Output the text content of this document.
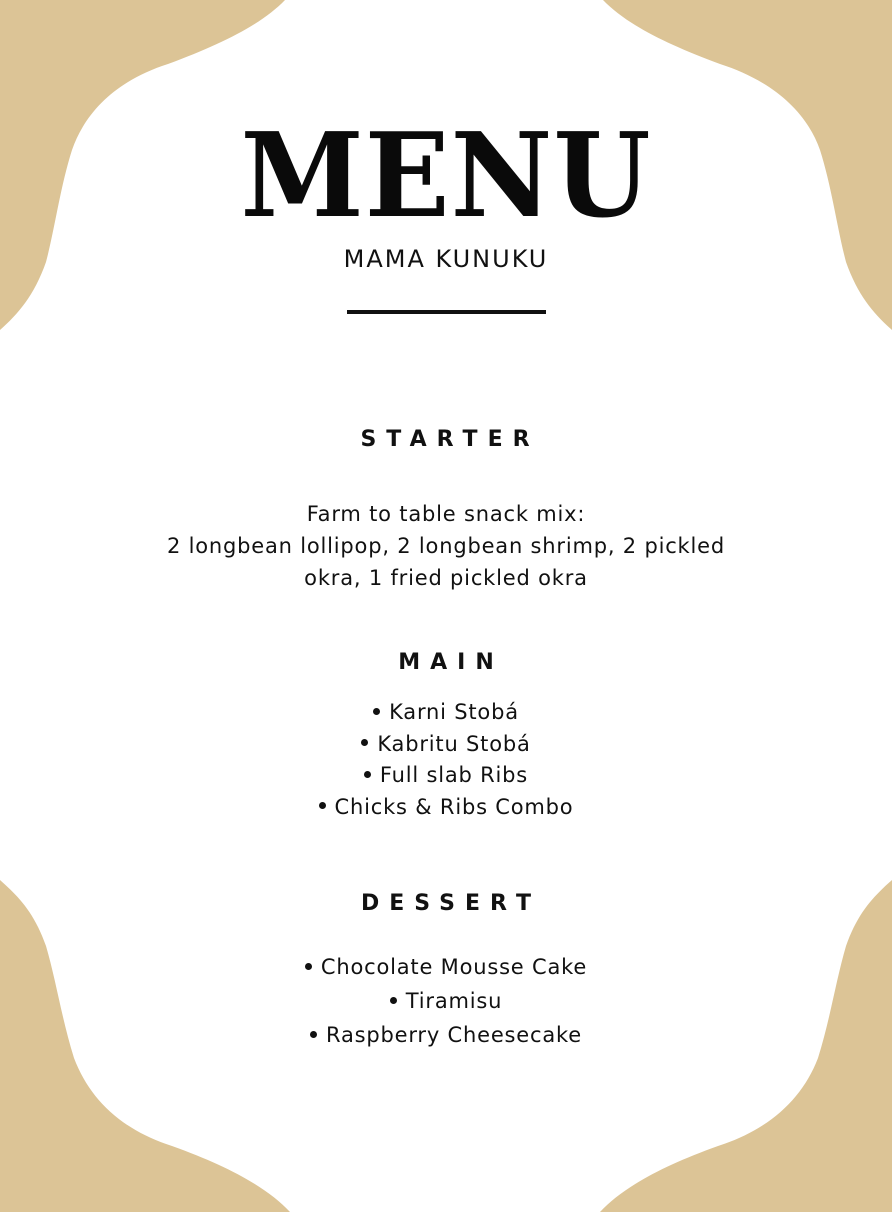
MENU
MAMA KUNUKU
STARTER

Farm to table snack mix:
2 longbean lollipop, 2 longbean shrimp, 2 pickled
okra, 1 fried pickled okra

MAIN
Karni Stobá
Kabritu Stobá
Full slab Ribs
Chicks & Ribs Combo
DESSERT
Chocolate Mousse Cake
Tiramisu
Raspberry Cheesecake
